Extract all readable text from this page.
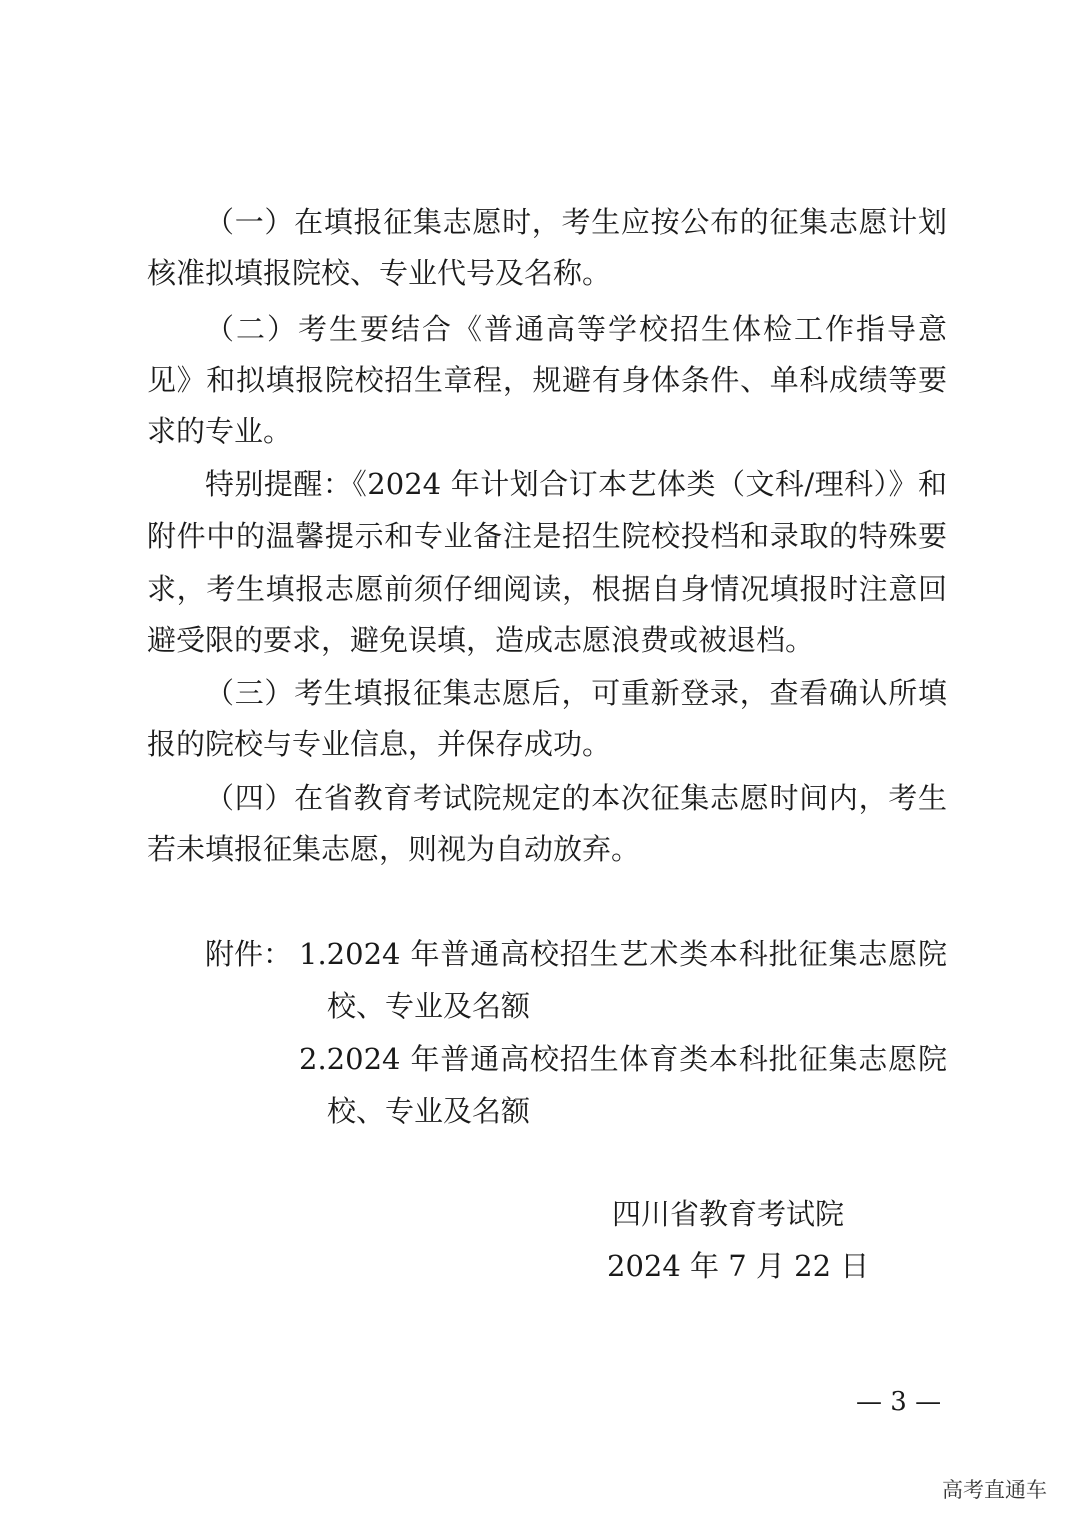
（一）在填报征集志愿时，考生应按公布的征集志愿计划
核准拟填报院校、专业代号及名称。
（二）考生要结合《普通高等学校招生体检工作指导意
见》和拟填报院校招生章程，规避有身体条件、单科成绩等要
求的专业。
特别提醒：《2024 年计划合订本艺体类（文科/理科）》和
附件中的温馨提示和专业备注是招生院校投档和录取的特殊要
求，考生填报志愿前须仔细阅读，根据自身情况填报时注意回
避受限的要求，避免误填，造成志愿浪费或被退档。
（三）考生填报征集志愿后，可重新登录，查看确认所填
报的院校与专业信息，并保存成功。
（四）在省教育考试院规定的本次征集志愿时间内，考生
若未填报征集志愿，则视为自动放弃。
附件： 1.2024 年普通高校招生艺术类本科批征集志愿院
校、专业及名额
2.2024 年普通高校招生体育类本科批征集志愿院
校、专业及名额
四川省教育考试院
2024 年 7 月 22 日
— 3 —
高考直通车
